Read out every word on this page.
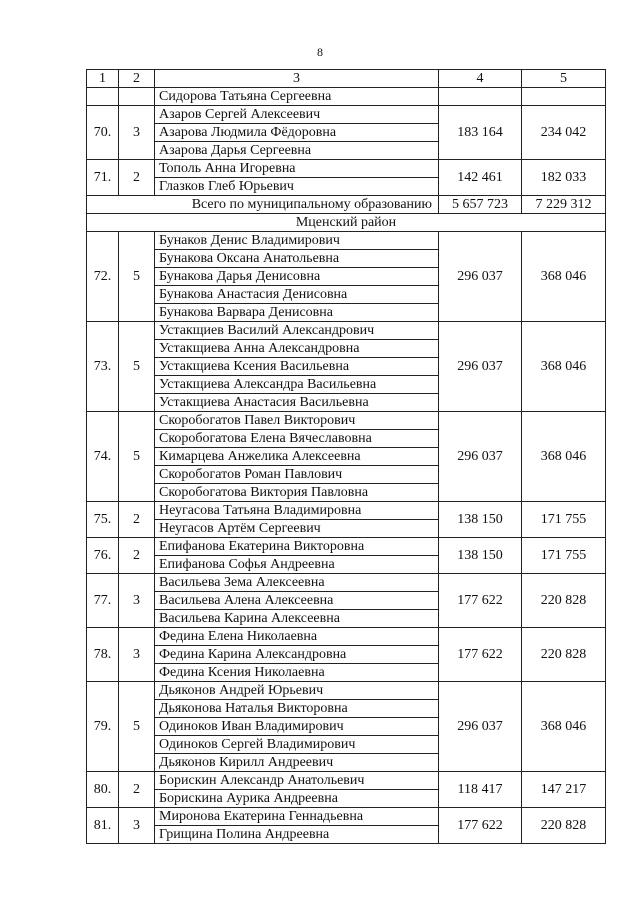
8
1	2	3	4	5
		Сидорова Татьяна Сергеевна		
70.	3	Азаров Сергей Алексеевич	183 164	234 042
		Азарова Людмила Фёдоровна		
		Азарова Дарья Сергеевна		
71.	2	Тополь Анна Игоревна	142 461	182 033
		Глазков Глеб Юрьевич		
Всего по муниципальному образованию			5 657 723	7 229 312
Мценский район				
72.	5	Бунаков Денис Владимирович	296 037	368 046
		Бунакова Оксана Анатольевна		
		Бунакова Дарья Денисовна		
		Бунакова Анастасия Денисовна		
		Бунакова Варвара Денисовна		
73.	5	Устакщиев Василий Александрович	296 037	368 046
		Устакщиева Анна Александровна		
		Устакщиева Ксения Васильевна		
		Устакщиева Александра Васильевна		
		Устакщиева Анастасия Васильевна		
74.	5	Скоробогатов Павел Викторович	296 037	368 046
		Скоробогатова Елена Вячеславовна		
		Кимарцева Анжелика Алексеевна		
		Скоробогатов Роман Павлович		
		Скоробогатова Виктория Павловна		
75.	2	Неугасова Татьяна Владимировна	138 150	171 755
		Неугасов Артём Сергеевич		
76.	2	Епифанова Екатерина Викторовна	138 150	171 755
		Епифанова Софья Андреевна		
77.	3	Васильева Зема Алексеевна	177 622	220 828
		Васильева Алена Алексеевна		
		Васильева Карина Алексеевна		
78.	3	Федина Елена Николаевна	177 622	220 828
		Федина Карина Александровна		
		Федина Ксения Николаевна		
79.	5	Дьяконов Андрей Юрьевич	296 037	368 046
		Дьяконова Наталья Викторовна		
		Одиноков Иван Владимирович		
		Одиноков Сергей Владимирович		
		Дьяконов Кирилл Андреевич		
80.	2	Борискин Александр Анатольевич	118 417	147 217
		Борискина Аурика Андреевна		
81.	3	Миронова Екатерина Геннадьевна	177 622	220 828
		Грищина Полина Андреевна		
